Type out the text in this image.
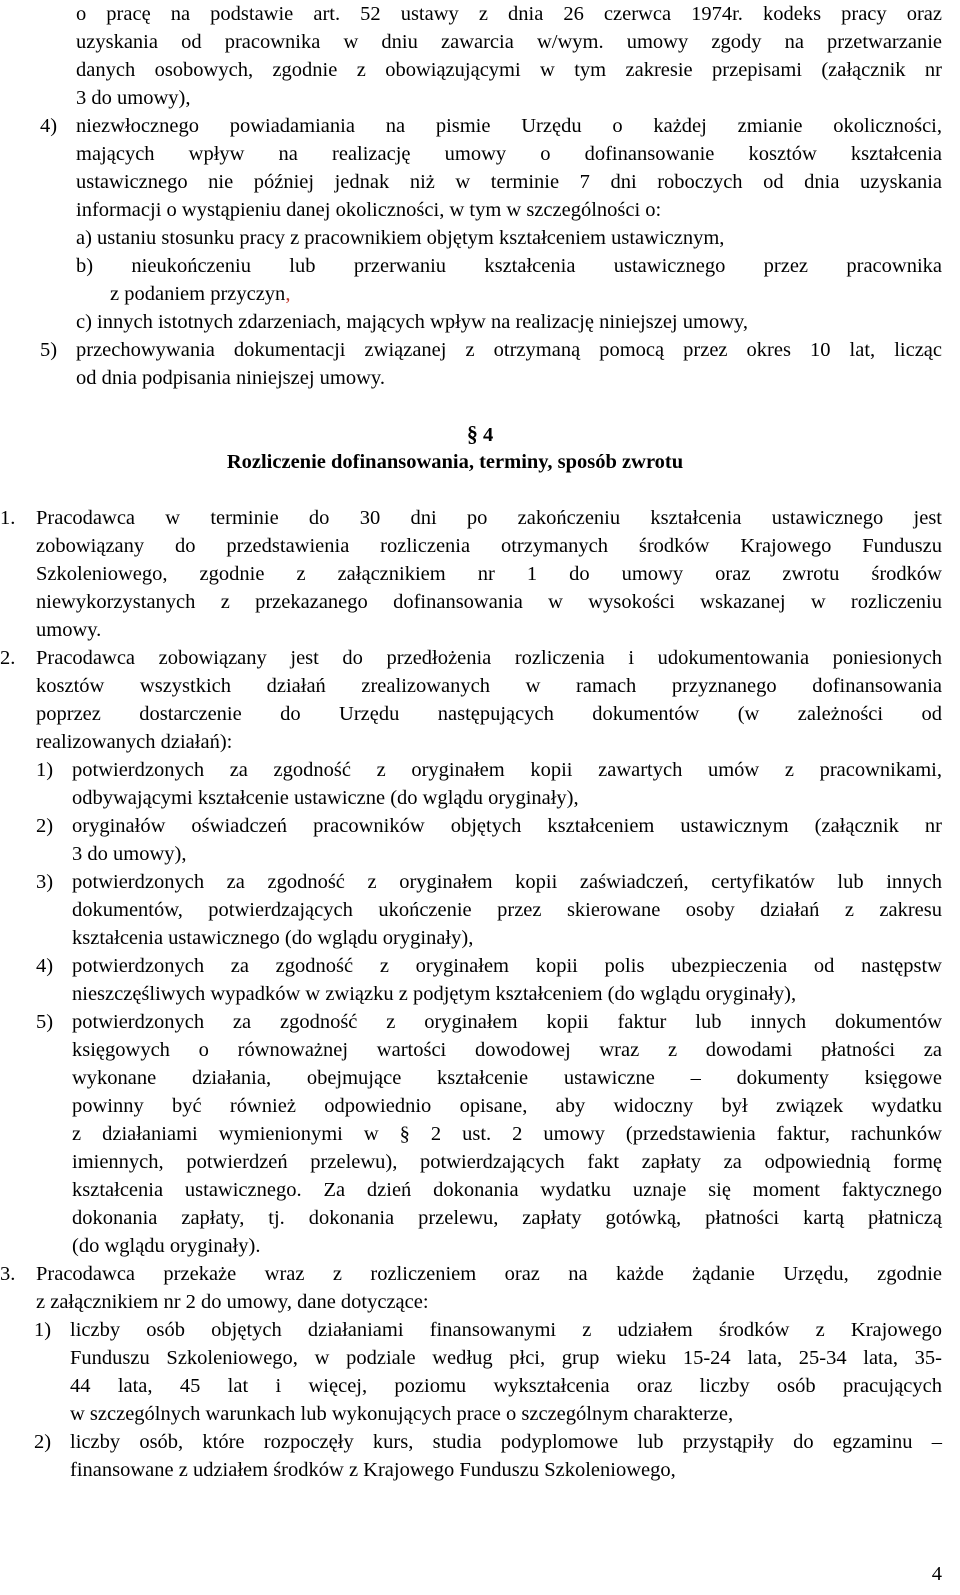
o pracę na podstawie art. 52 ustawy z dnia 26 czerwca 1974r. kodeks pracy oraz
uzyskania od pracownika w dniu zawarcia w/wym. umowy zgody na przetwarzanie
danych osobowych, zgodnie z obowiązującymi w tym zakresie przepisami (załącznik nr
3 do umowy),
4) niezwłocznego powiadamiania na pismie Urzędu o każdej zmianie okoliczności,
mających wpływ na realizację umowy o dofinansowanie kosztów kształcenia
ustawicznego nie później jednak niż w terminie 7 dni roboczych od dnia uzyskania
informacji o wystąpieniu danej okoliczności, w tym w szczególności o:
a) ustaniu stosunku pracy z pracownikiem objętym kształceniem ustawicznym,
b) nieukończeniu lub przerwaniu kształcenia ustawicznego przez pracownika
z podaniem przyczyn,
c) innych istotnych zdarzeniach, mających wpływ na realizację niniejszej umowy,
5) przechowywania dokumentacji związanej z otrzymaną pomocą przez okres 10 lat, licząc
od dnia podpisania niniejszej umowy.
§ 4
Rozliczenie dofinansowania, terminy, sposób zwrotu
1. Pracodawca w terminie do 30 dni po zakończeniu kształcenia ustawicznego jest
zobowiązany do przedstawienia rozliczenia otrzymanych środków Krajowego Funduszu
Szkoleniowego, zgodnie z załącznikiem nr 1 do umowy oraz zwrotu środków
niewykorzystanych z przekazanego dofinansowania w wysokości wskazanej w rozliczeniu
umowy.
2. Pracodawca zobowiązany jest do przedłożenia rozliczenia i udokumentowania poniesionych
kosztów wszystkich działań zrealizowanych w ramach przyznanego dofinansowania
poprzez dostarczenie do Urzędu następujących dokumentów (w zależności od
realizowanych działań):
1) potwierdzonych za zgodność z oryginałem kopii zawartych umów z pracownikami,
odbywającymi kształcenie ustawiczne (do wglądu oryginały),
2) oryginałów oświadczeń pracowników objętych kształceniem ustawicznym (załącznik nr
3 do umowy),
3) potwierdzonych za zgodność z oryginałem kopii zaświadczeń, certyfikatów lub innych
dokumentów, potwierdzających ukończenie przez skierowane osoby działań z zakresu
kształcenia ustawicznego (do wglądu oryginały),
4) potwierdzonych za zgodność z oryginałem kopii polis ubezpieczenia od następstw
nieszczęśliwych wypadków w związku z podjętym kształceniem (do wglądu oryginały),
5) potwierdzonych za zgodność z oryginałem kopii faktur lub innych dokumentów
księgowych o równoważnej wartości dowodowej wraz z dowodami płatności za
wykonane działania, obejmujące kształcenie ustawiczne – dokumenty księgowe
powinny być również odpowiednio opisane, aby widoczny był związek wydatku
z działaniami wymienionymi w § 2 ust. 2 umowy (przedstawienia faktur, rachunków
imiennych, potwierdzeń przelewu), potwierdzających fakt zapłaty za odpowiednią formę
kształcenia ustawicznego. Za dzień dokonania wydatku uznaje się moment faktycznego
dokonania zapłaty, tj. dokonania przelewu, zapłaty gotówką, płatności kartą płatniczą
(do wglądu oryginały).
3. Pracodawca przekaże wraz z rozliczeniem oraz na każde żądanie Urzędu, zgodnie
z załącznikiem nr 2 do umowy, dane dotyczące:
1) liczby osób objętych działaniami finansowanymi z udziałem środków z Krajowego
Funduszu Szkoleniowego, w podziale według płci, grup wieku 15-24 lata, 25-34 lata, 35-
44 lata, 45 lat i więcej, poziomu wykształcenia oraz liczby osób pracujących
w szczególnych warunkach lub wykonujących prace o szczególnym charakterze,
2) liczby osób, które rozpoczęły kurs, studia podyplomowe lub przystąpiły do egzaminu –
finansowane z udziałem środków z Krajowego Funduszu Szkoleniowego,
4
